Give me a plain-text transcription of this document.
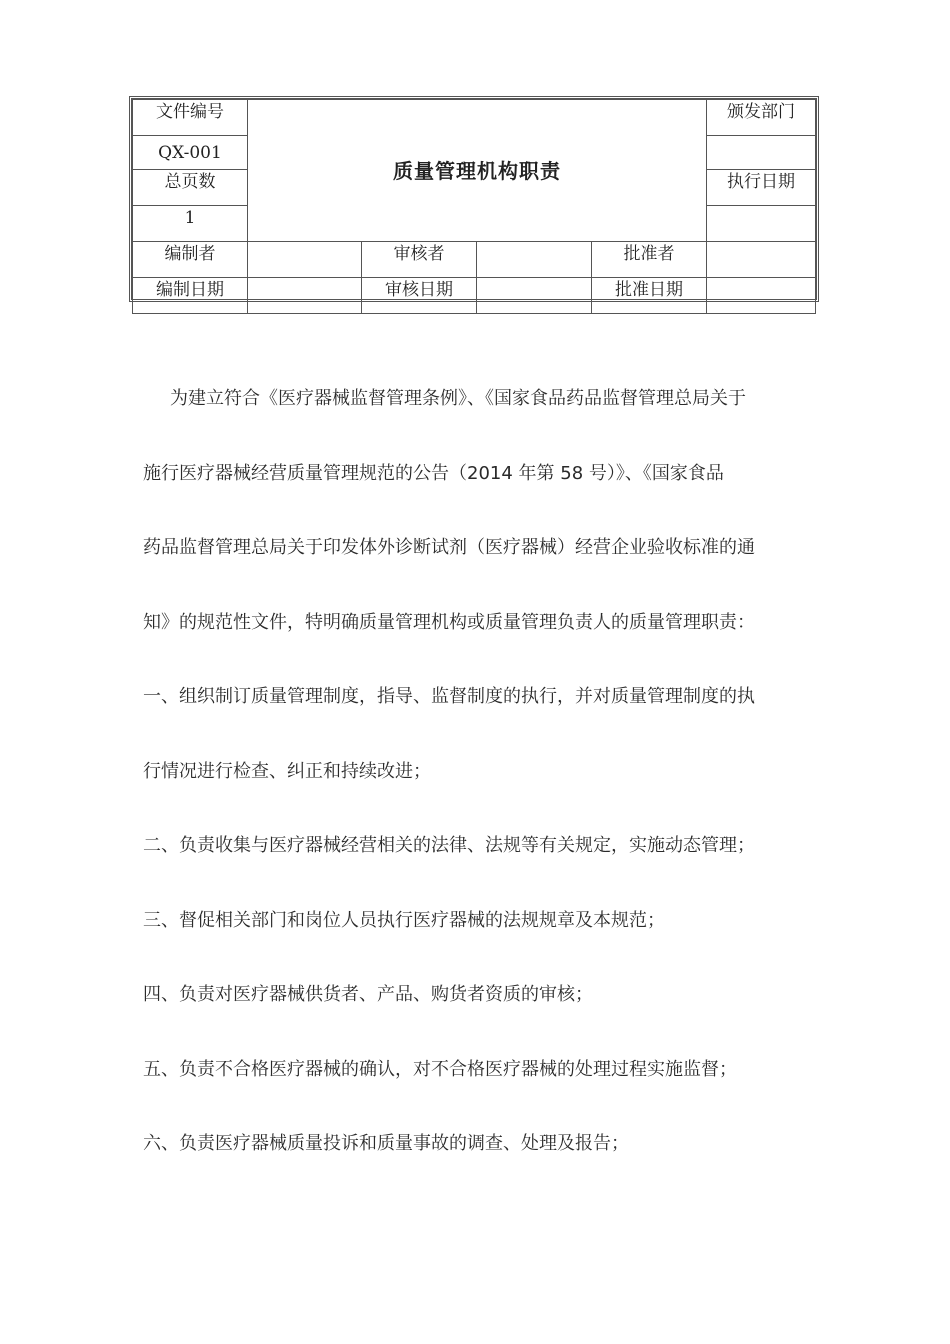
文件编号	质量管理机构职责				颁发部门
QX-001					
总页数					执行日期
1					
编制者		审核者		批准者	
编制日期		审核日期		批准日期	

为建立符合《医疗器械监督管理条例》、《国家食品药品监督管理总局关于

施行医疗器械经营质量管理规范的公告（2014 年第 58 号）》、《国家食品

药品监督管理总局关于印发体外诊断试剂（医疗器械）经营企业验收标准的通

知》的规范性文件，特明确质量管理机构或质量管理负责人的质量管理职责：

一、组织制订质量管理制度，指导、监督制度的执行，并对质量管理制度的执

行情况进行检查、纠正和持续改进；

二、负责收集与医疗器械经营相关的法律、法规等有关规定，实施动态管理；

三、督促相关部门和岗位人员执行医疗器械的法规规章及本规范；

四、负责对医疗器械供货者、产品、购货者资质的审核；

五、负责不合格医疗器械的确认，对不合格医疗器械的处理过程实施监督；

六、负责医疗器械质量投诉和质量事故的调查、处理及报告；
